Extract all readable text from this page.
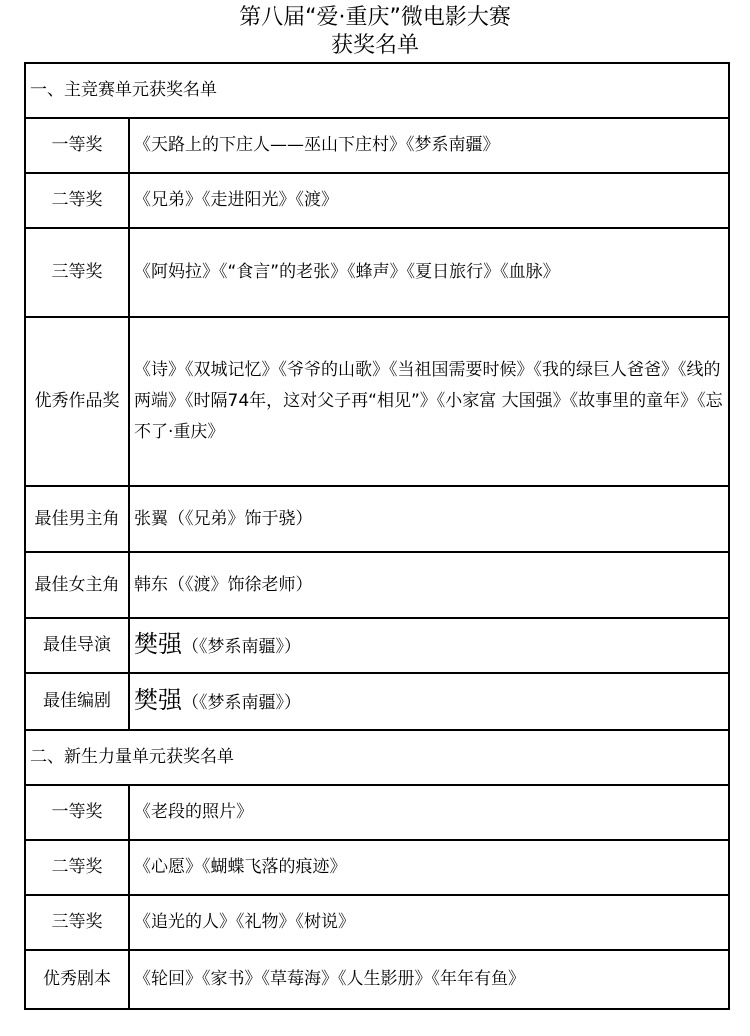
第八届“爱·重庆”微电影大赛
获奖名单
一、主竞赛单元获奖名单	
一等奖	《天路上的下庄人——巫山下庄村》《梦系南疆》
二等奖	《兄弟》《走进阳光》《渡》
三等奖	《阿妈拉》《“食言”的老张》《蜂声》《夏日旅行》《血脉》
优秀作品奖	《诗》《双城记忆》《爷爷的山歌》《当祖国需要时候》《我的绿巨人爸爸》《线的两端》《时隔74年，这对父子再“相见”》《小家富 大国强》《故事里的童年》《忘不了·重庆》
最佳男主角	张翼（《兄弟》饰于骁）
最佳女主角	韩东（《渡》饰徐老师）
最佳导演	樊强（《梦系南疆》）
最佳编剧	樊强（《梦系南疆》）
二、新生力量单元获奖名单	
一等奖	《老段的照片》
二等奖	《心愿》《蝴蝶飞落的痕迹》
三等奖	《追光的人》《礼物》《树说》
优秀剧本	《轮回》《家书》《草莓海》《人生影册》《年年有鱼》
